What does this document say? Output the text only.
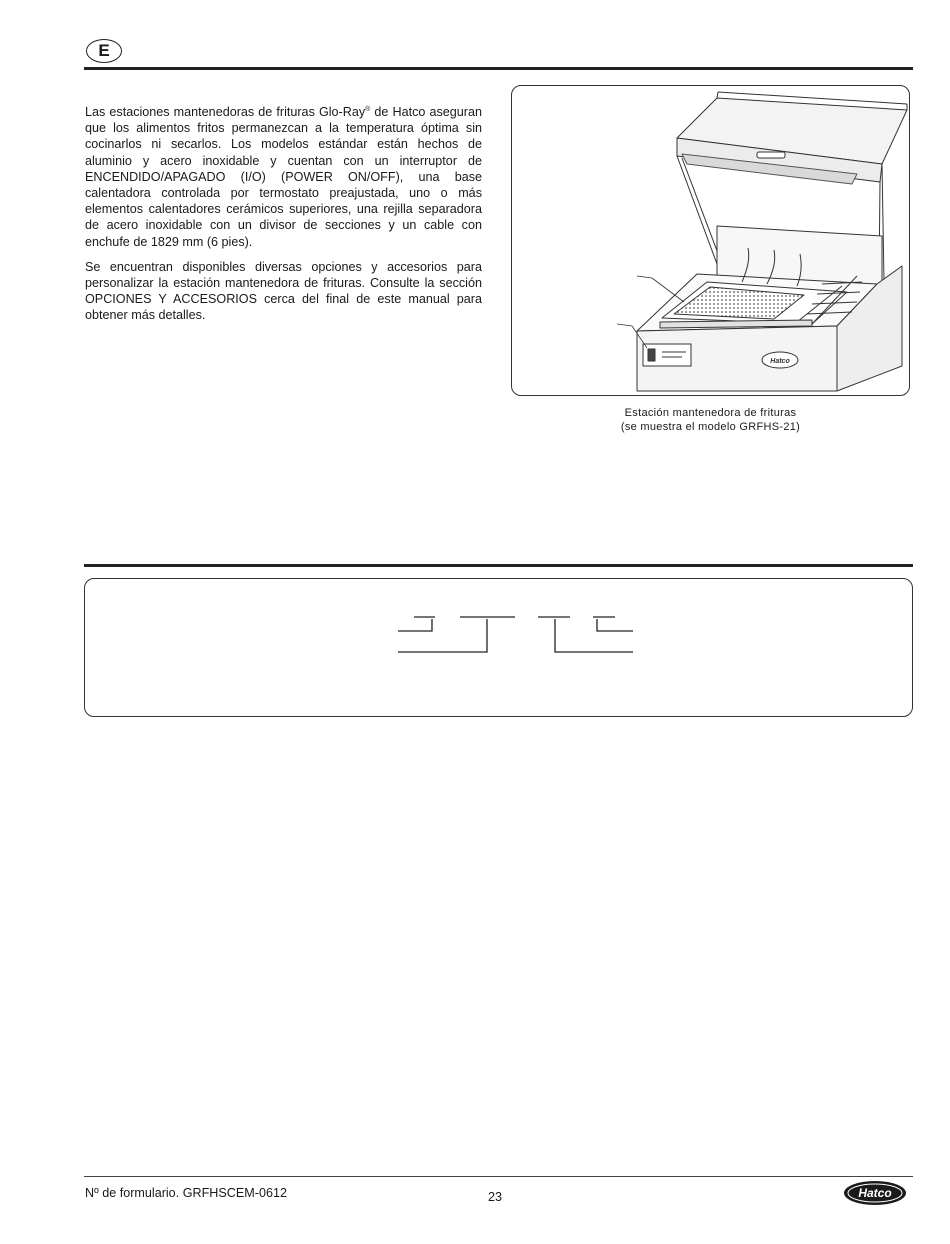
E

Las estaciones mantenedoras de frituras Glo-Ray® de Hatco aseguran que los alimentos fritos permanezcan a la temperatura óptima sin cocinarlos ni secarlos. Los modelos estándar están hechos de aluminio y acero inoxidable y cuentan con un interruptor de ENCENDIDO/APAGADO (I/O) (POWER ON/OFF), una base calentadora controlada por termostato preajustada, uno o más elementos calentadores cerámicos superiores, una rejilla separadora de acero inoxidable con un divisor de secciones y un cable con enchufe de 1829 mm (6 pies).

Se encuentran disponibles diversas opciones y accesorios para personalizar la estación mantenedora de frituras. Consulte la sección OPCIONES Y ACCESORIOS cerca del final de este manual para obtener más detalles.

Hatco
Estación mantenedora de frituras
(se muestra el modelo GRFHS-21)
Nº de formulario. GRFHSCEM-0612	23	Hatco
